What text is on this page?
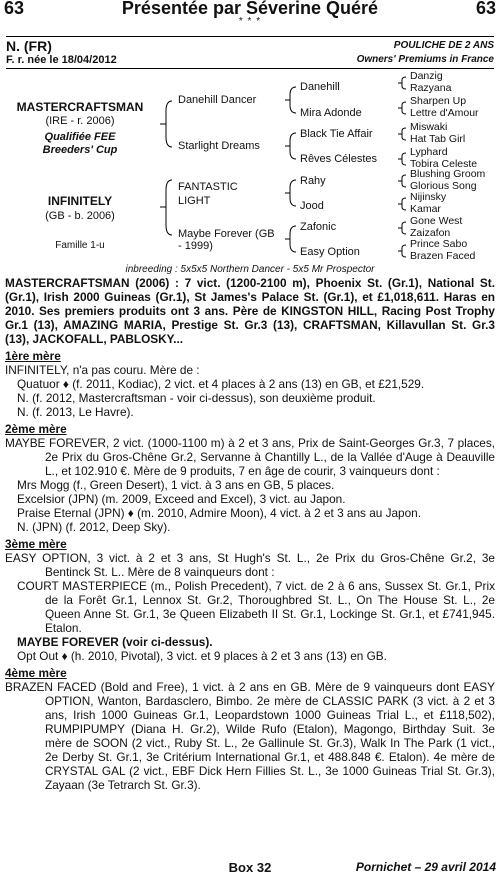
63	Présentée par Séverine Quéré	63
* * *
N. (FR)	POULICHE DE 2 ANS
F. r. née le 18/04/2012	Owners' Premiums in France
MASTERCRAFTSMAN
(IRE - r. 2006)
Qualifiée FEE Breeders' Cup
INFINITELY
(GB - b. 2006)
Famille 1-u
Danehill Dancer
Starlight Dreams
FANTASTIC LIGHT
Maybe Forever (GB - 1999)
Danehill
Mira Adonde
Black Tie Affair
Rêves Célestes
Rahy
Jood
Zafonic
Easy Option
Danzig
Razyana
Sharpen Up
Lettre d'Amour
Miswaki
Hat Tab Girl
Lyphard
Tobira Celeste
Blushing Groom
Glorious Song
Nijinsky
Kamar
Gone West
Zaizafon
Prince Sabo
Brazen Faced
inbreeding : 5x5x5 Northern Dancer - 5x5 Mr Prospector

MASTERCRAFTSMAN (2006) : 7 vict. (1200-2100 m), Phoenix St. (Gr.1), National St. (Gr.1), Irish 2000 Guineas (Gr.1), St James's Palace St. (Gr.1), et £1,018,611. Haras en 2010. Ses premiers produits ont 3 ans. Père de KINGSTON HILL, Racing Post Trophy Gr.1 (13), AMAZING MARIA, Prestige St. Gr.3 (13), CRAFTSMAN, Killavullan St. Gr.3 (13), JACKOFALL, PABLOSKY...

1ère mère

INFINITELY, n'a pas couru. Mère de :

Quatuor ♦ (f. 2011, Kodiac), 2 vict. et 4 places à 2 ans (13) en GB, et £21,529.

N. (f. 2012, Mastercraftsman - voir ci-dessus), son deuxième produit.

N. (f. 2013, Le Havre).

2ème mère

MAYBE FOREVER, 2 vict. (1000-1100 m) à 2 et 3 ans, Prix de Saint-Georges Gr.3, 7 places, 2e Prix du Gros-Chêne Gr.2, Servanne à Chantilly L., de la Vallée d'Auge à Deauville L., et 102.910 €. Mère de 9 produits, 7 en âge de courir, 3 vainqueurs dont :

Mrs Mogg (f., Green Desert), 1 vict. à 3 ans en GB, 5 places.

Excelsior (JPN) (m. 2009, Exceed and Excel), 3 vict. au Japon.

Praise Eternal (JPN) ♦ (m. 2010, Admire Moon), 4 vict. à 2 et 3 ans au Japon.

N. (JPN) (f. 2012, Deep Sky).

3ème mère

EASY OPTION, 3 vict. à 2 et 3 ans, St Hugh's St. L., 2e Prix du Gros-Chêne Gr.2, 3e Bentinck St. L.. Mère de 8 vainqueurs dont :

COURT MASTERPIECE (m., Polish Precedent), 7 vict. de 2 à 6 ans, Sussex St. Gr.1, Prix de la Forêt Gr.1, Lennox St. Gr.2, Thoroughbred St. L., On The House St. L., 2e Queen Anne St. Gr.1, 3e Queen Elizabeth II St. Gr.1, Lockinge St. Gr.1, et £741,945. Etalon.

MAYBE FOREVER (voir ci-dessus).

Opt Out ♦ (h. 2010, Pivotal), 3 vict. et 9 places à 2 et 3 ans (13) en GB.

4ème mère

BRAZEN FACED (Bold and Free), 1 vict. à 2 ans en GB. Mère de 9 vainqueurs dont EASY OPTION, Wanton, Bardasclero, Bimbo. 2e mère de CLASSIC PARK (3 vict. à 2 et 3 ans, Irish 1000 Guineas Gr.1, Leopardstown 1000 Guineas Trial L., et £118,502), RUMPIPUMPY (Diana H. Gr.2), Wilde Rufo (Etalon), Magongo, Birthday Suit. 3e mère de SOON (2 vict., Ruby St. L., 2e Gallinule St. Gr.3), Walk In The Park (1 vict., 2e Derby St. Gr.1, 3e Critérium International Gr.1, et 488.848 €. Etalon). 4e mère de CRYSTAL GAL (2 vict., EBF Dick Hern Fillies St. L., 3e 1000 Guineas Trial St. Gr.3), Zayaan (3e Tetrarch St. Gr.3).

Box 32	Pornichet – 29 avril 2014
